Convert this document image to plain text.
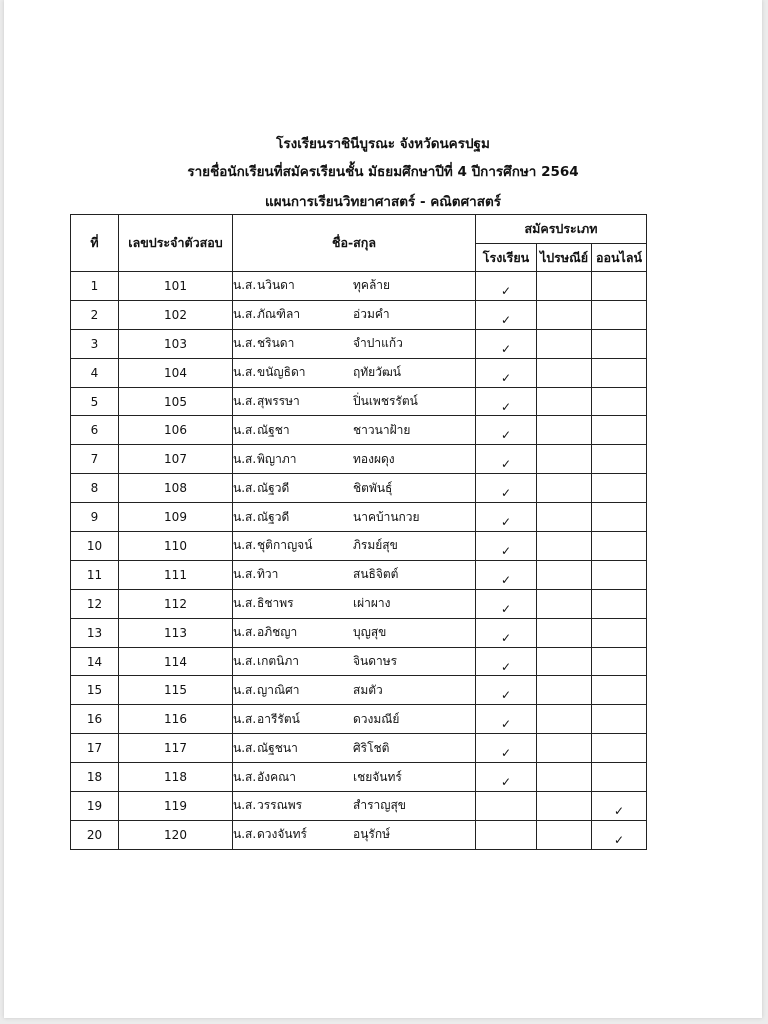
โรงเรียนราชินีบูรณะ จังหวัดนครปฐม
รายชื่อนักเรียนที่สมัครเรียนชั้น มัธยมศึกษาปีที่ 4 ปีการศึกษา 2564
แผนการเรียนวิทยาศาสตร์ - คณิตศาสตร์
ที่	เลขประจำตัวสอบ	ชื่อ-สกุล	สมัครประเภท		
			โรงเรียน	ไปรษณีย์	ออนไลน์
1	101	น.ส.นวินดา ทุคล้าย	✓		
2	102	น.ส.ภัณฑิลา อ่วมคำ	✓		
3	103	น.ส.ชรินดา จำปาแก้ว	✓		
4	104	น.ส.ขนัญธิดา ฤทัยวัฒน์	✓		
5	105	น.ส.สุพรรษา ปิ่นเพชรรัตน์	✓		
6	106	น.ส.ณัฐชา ชาวนาฝ้าย	✓		
7	107	น.ส.พิญาภา ทองผดุง	✓		
8	108	น.ส.ณัฐวดี ชิตพันธุ์	✓		
9	109	น.ส.ณัฐวดี นาคบ้านกวย	✓		
10	110	น.ส.ชุติกาญจน์ ภิรมย์สุข	✓		
11	111	น.ส.ทิวา สนธิจิตต์	✓		
12	112	น.ส.ธิชาพร เผ่าผาง	✓		
13	113	น.ส.อภิชญา บุญสุข	✓		
14	114	น.ส.เกตนิภา จินดาษร	✓		
15	115	น.ส.ญาณิศา สมตัว	✓		
16	116	น.ส.อารีรัตน์ ดวงมณีย์	✓		
17	117	น.ส.ณัฐชนา ศิริโชติ	✓		
18	118	น.ส.อังคณา เชยจันทร์	✓		
19	119	น.ส.วรรณพร สำราญสุข			✓
20	120	น.ส.ดวงจันทร์ อนุรักษ์			✓
